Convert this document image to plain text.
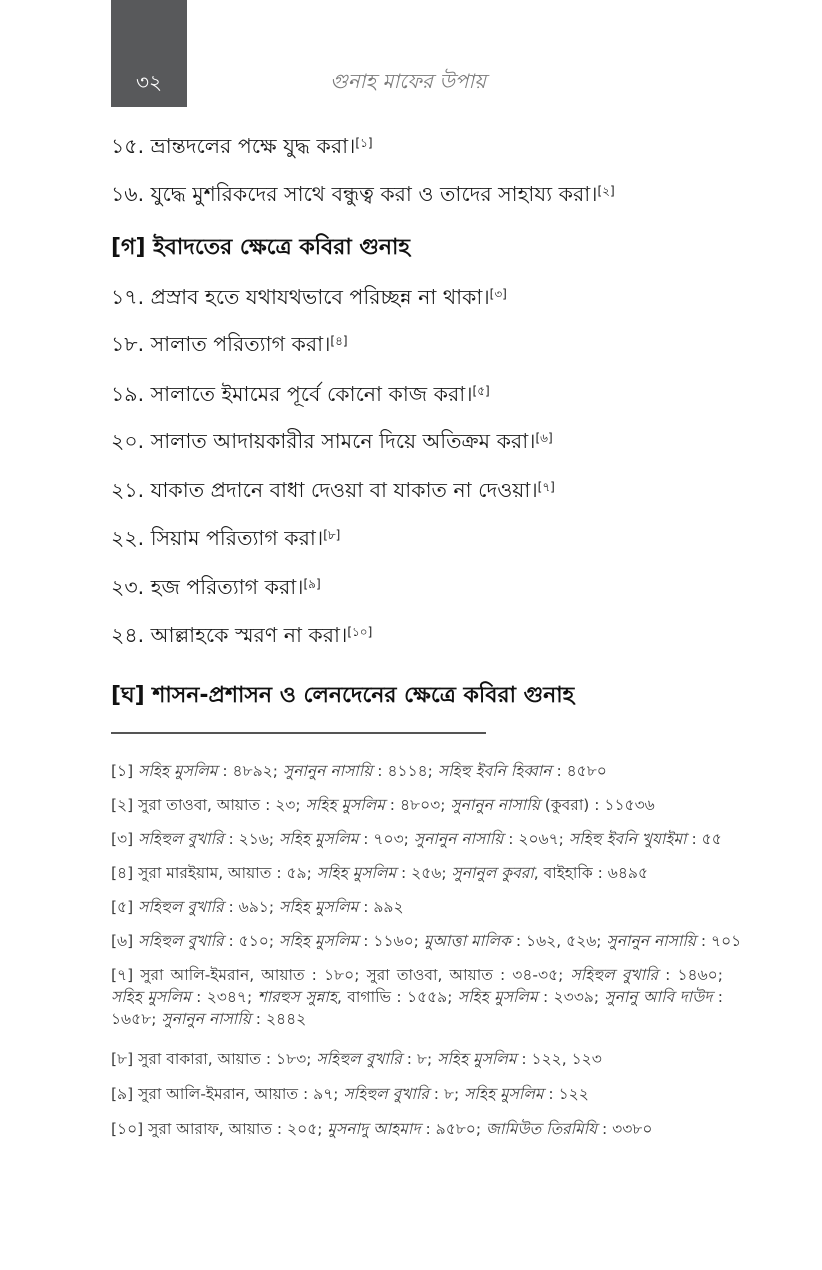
৩২	গুনাহ মাফের উপায়
১৫. ভ্রান্তদলের পক্ষে যুদ্ধ করা।[১]
১৬. যুদ্ধে মুশরিকদের সাথে বন্ধুত্ব করা ও তাদের সাহায্য করা।[২]
[গ] ইবাদতের ক্ষেত্রে কবিরা গুনাহ
১৭. প্রস্রাব হতে যথাযথভাবে পরিচ্ছন্ন না থাকা।[৩]
১৮. সালাত পরিত্যাগ করা।[৪]
১৯. সালাতে ইমামের পূর্বে কোনো কাজ করা।[৫]
২০. সালাত আদায়কারীর সামনে দিয়ে অতিক্রম করা।[৬]
২১. যাকাত প্রদানে বাধা দেওয়া বা যাকাত না দেওয়া।[৭]
২২. সিয়াম পরিত্যাগ করা।[৮]
২৩. হজ পরিত্যাগ করা।[৯]
২৪. আল্লাহকে স্মরণ না করা।[১০]
[ঘ] শাসন-প্রশাসন ও লেনদেনের ক্ষেত্রে কবিরা গুনাহ
[১] সহিহ মুসলিম : ৪৮৯২; সুনানুন নাসায়ি : ৪১১৪; সহিহু ইবনি হিব্বান : ৪৫৮০
[২] সুরা তাওবা, আয়াত : ২৩; সহিহ মুসলিম : ৪৮০৩; সুনানুন নাসায়ি (কুবরা) : ১১৫৩৬
[৩] সহিহুল বুখারি : ২১৬; সহিহ মুসলিম : ৭০৩; সুনানুন নাসায়ি : ২০৬৭; সহিহু ইবনি খুযাইমা : ৫৫
[৪] সুরা মারইয়াম, আয়াত : ৫৯; সহিহ মুসলিম : ২৫৬; সুনানুল কুবরা, বাইহাকি : ৬৪৯৫
[৫] সহিহুল বুখারি : ৬৯১; সহিহ মুসলিম : ৯৯২
[৬] সহিহুল বুখারি : ৫১০; সহিহ মুসলিম : ১১৬০; মুআত্তা মালিক : ১৬২, ৫২৬; সুনানুন নাসায়ি : ৭০১
[৭] সুরা আলি-ইমরান, আয়াত : ১৮০; সুরা তাওবা, আয়াত : ৩৪-৩৫; সহিহুল বুখারি : ১৪৬০; সহিহ মুসলিম : ২৩৪৭; শারহুস সুন্নাহ, বাগাভি : ১৫৫৯; সহিহ মুসলিম : ২৩৩৯; সুনানু আবি দাউদ : ১৬৫৮; সুনানুন নাসায়ি : ২৪৪২
[৮] সুরা বাকারা, আয়াত : ১৮৩; সহিহুল বুখারি : ৮; সহিহ মুসলিম : ১২২, ১২৩
[৯] সুরা আলি-ইমরান, আয়াত : ৯৭; সহিহুল বুখারি : ৮; সহিহ মুসলিম : ১২২
[১০] সুরা আরাফ, আয়াত : ২০৫; মুসনাদু আহমাদ : ৯৫৮০; জামিউত তিরমিযি : ৩৩৮০
